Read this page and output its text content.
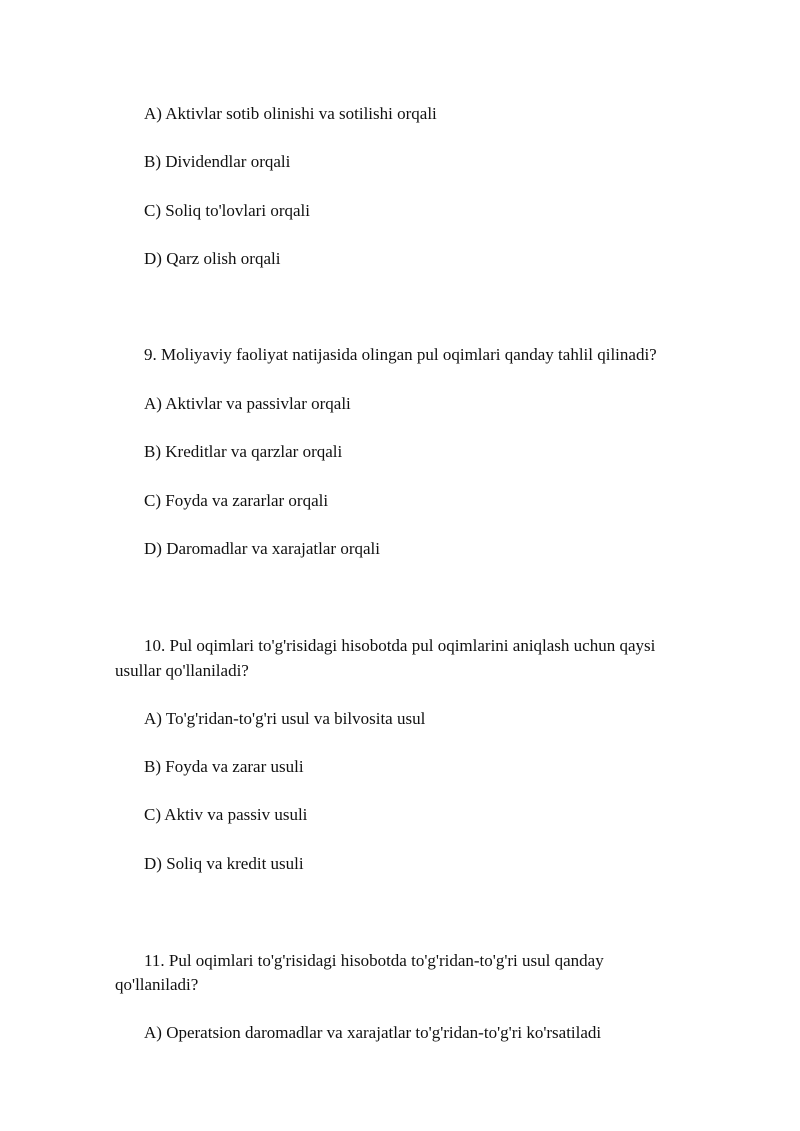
A) Aktivlar sotib olinishi va sotilishi orqali
B) Dividendlar orqali
C) Soliq to'lovlari orqali
D) Qarz olish orqali
9. Moliyaviy faoliyat natijasida olingan pul oqimlari qanday tahlil qilinadi?
A) Aktivlar va passivlar orqali
B) Kreditlar va qarzlar orqali
C) Foyda va zararlar orqali
D) Daromadlar va xarajatlar orqali
10. Pul oqimlari to'g'risidagi hisobotda pul oqimlarini aniqlash uchun qaysi
usullar qo'llaniladi?
A) To'g'ridan-to'g'ri usul va bilvosita usul
B) Foyda va zarar usuli
C) Aktiv va passiv usuli
D) Soliq va kredit usuli
11. Pul oqimlari to'g'risidagi hisobotda to'g'ridan-to'g'ri usul qanday
qo'llaniladi?
A) Operatsion daromadlar va xarajatlar to'g'ridan-to'g'ri ko'rsatiladi
